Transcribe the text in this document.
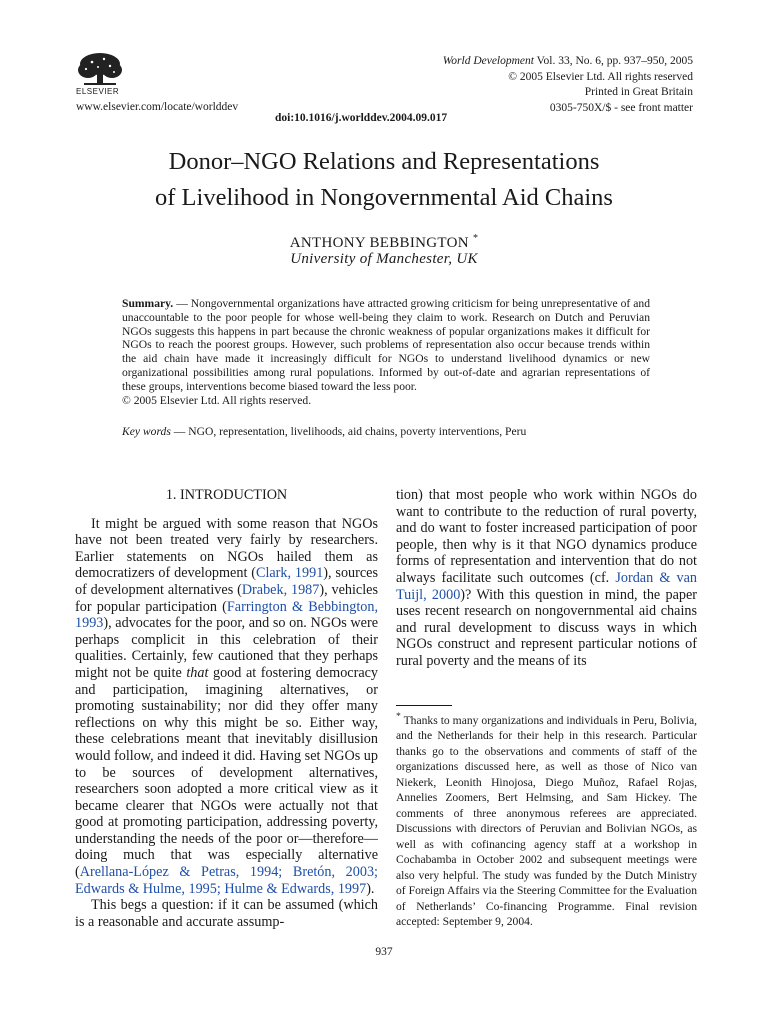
ELSEVIER
www.elsevier.com/locate/worlddev
World Development Vol. 33, No. 6, pp. 937–950, 2005
© 2005 Elsevier Ltd. All rights reserved
Printed in Great Britain
0305-750X/$ - see front matter
doi:10.1016/j.worlddev.2004.09.017
Donor–NGO Relations and Representations
of Livelihood in Nongovernmental Aid Chains
ANTHONY BEBBINGTON *
University of Manchester, UK
Summary. — Nongovernmental organizations have attracted growing criticism for being unrepresentative of and unaccountable to the poor people for whose well-being they claim to work. Research on Dutch and Peruvian NGOs suggests this happens in part because the chronic weakness of popular organizations makes it difficult for NGOs to reach the poorest groups. However, such problems of representation also occur because trends within the aid chain have made it increasingly difficult for NGOs to understand livelihood dynamics or new organizational possibilities among rural populations. Informed by out-of-date and agrarian representations of these groups, interventions become biased toward the less poor.
© 2005 Elsevier Ltd. All rights reserved.
Key words — NGO, representation, livelihoods, aid chains, poverty interventions, Peru
1. INTRODUCTION

It might be argued with some reason that NGOs have not been treated very fairly by researchers. Earlier statements on NGOs hailed them as democratizers of development (Clark, 1991), sources of development alternatives (Drabek, 1987), vehicles for popular participation (Farrington & Bebbington, 1993), advocates for the poor, and so on. NGOs were perhaps complicit in this celebration of their qualities. Certainly, few cautioned that they perhaps might not be quite that good at fostering democracy and participation, imagining alternatives, or promoting sustainability; nor did they offer many reflections on why this might be so. Either way, these celebrations meant that inevitably disillusion would follow, and indeed it did. Having set NGOs up to be sources of development alternatives, researchers soon adopted a more critical view as it became clearer that NGOs were actually not that good at promoting participation, addressing poverty, understanding the needs of the poor or—therefore—doing much that was especially alternative (Arellana-López & Petras, 1994; Bretón, 2003; Edwards & Hulme, 1995; Hulme & Edwards, 1997).

This begs a question: if it can be assumed (which is a reasonable and accurate assump-

tion) that most people who work within NGOs do want to contribute to the reduction of rural poverty, and do want to foster increased participation of poor people, then why is it that NGO dynamics produce forms of representation and intervention that do not always facilitate such outcomes (cf. Jordan & van Tuijl, 2000)? With this question in mind, the paper uses recent research on nongovernmental aid chains and rural development to discuss ways in which NGOs construct and represent particular notions of rural poverty and the means of its

* Thanks to many organizations and individuals in Peru, Bolivia, and the Netherlands for their help in this research. Particular thanks go to the observations and comments of staff of the organizations discussed here, as well as those of Nico van Niekerk, Leonith Hinojosa, Diego Muñoz, Rafael Rojas, Annelies Zoomers, Bert Helmsing, and Sam Hickey. The comments of three anonymous referees are appreciated. Discussions with directors of Peruvian and Bolivian NGOs, as well as with cofinancing agency staff at a workshop in Cochabamba in October 2002 and subsequent meetings were also very helpful. The study was funded by the Dutch Ministry of Foreign Affairs via the Steering Committee for the Evaluation of Netherlands’ Co-financing Programme. Final revision accepted: September 9, 2004.
937
